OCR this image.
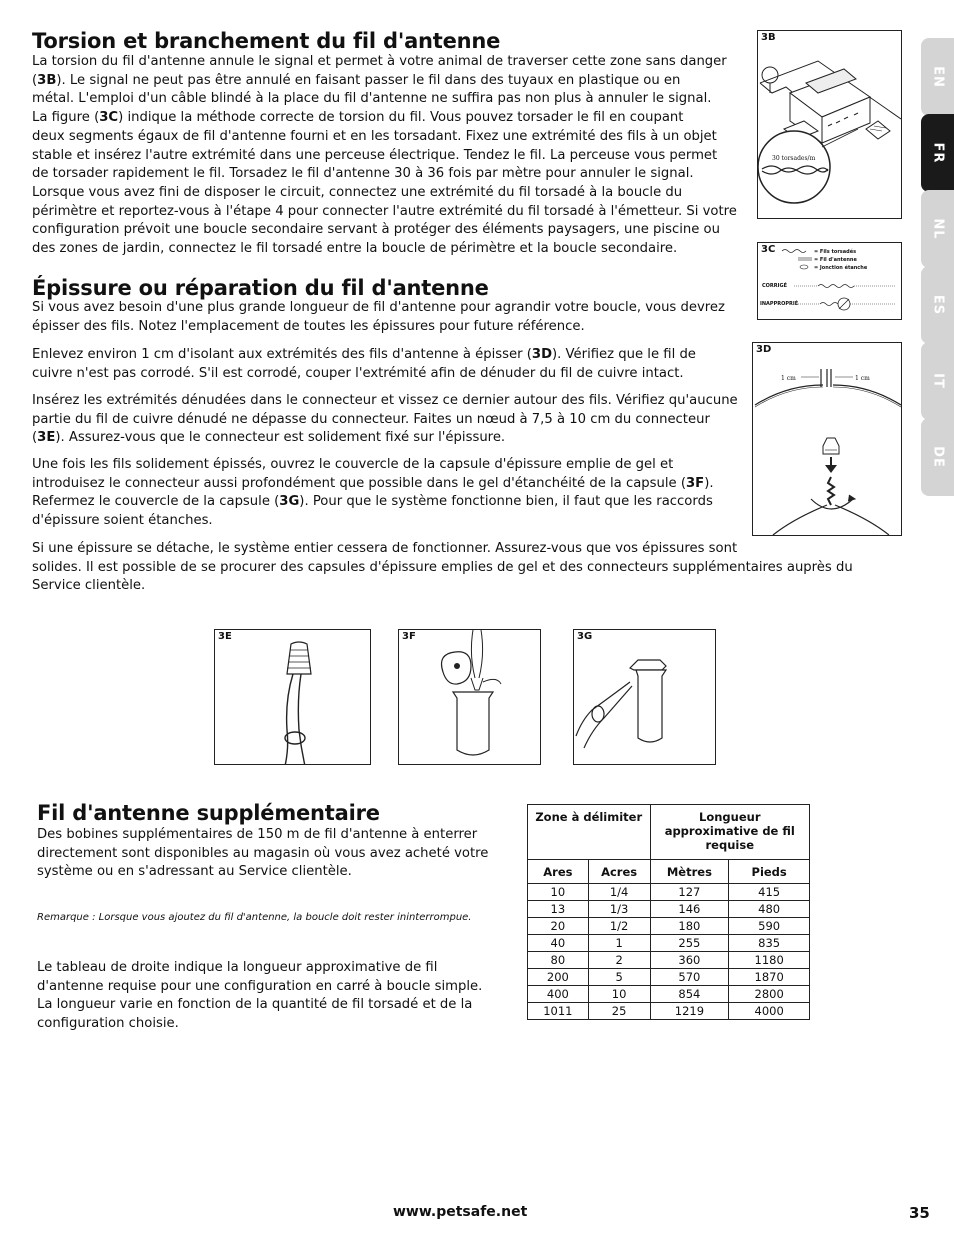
Torsion et branchement du fil d'antenne
La torsion du fil d'antenne annule le signal et permet à votre animal de traverser cette zone sans danger
(3B). Le signal ne peut pas être annulé en faisant passer le fil dans des tuyaux en plastique ou en
métal. L'emploi d'un câble blindé à la place du fil d'antenne ne suffira pas non plus à annuler le signal.
La figure (3C) indique la méthode correcte de torsion du fil. Vous pouvez torsader le fil en coupant
deux segments égaux de fil d'antenne fourni et en les torsadant. Fixez une extrémité des fils à un objet
stable et insérez l'autre extrémité dans une perceuse électrique. Tendez le fil. La perceuse vous permet
de torsader rapidement le fil. Torsadez le fil d'antenne 30 à 36 fois par mètre pour annuler le signal.
Lorsque vous avez fini de disposer le circuit, connectez une extrémité du fil torsadé à la boucle du
périmètre et reportez-vous à l'étape 4 pour connecter l'autre extrémité du fil torsadé à l'émetteur. Si votre
configuration prévoit une boucle secondaire servant à protéger des éléments paysagers, une piscine ou
des zones de jardin, connectez le fil torsadé entre la boucle de périmètre et la boucle secondaire.
Épissure ou réparation du fil d'antenne
Si vous avez besoin d'une plus grande longueur de fil d'antenne pour agrandir votre boucle, vous devrez
épisser des fils. Notez l'emplacement de toutes les épissures pour future référence.
Enlevez environ 1 cm d'isolant aux extrémités des fils d'antenne à épisser (3D). Vérifiez que le fil de
cuivre n'est pas corrodé. S'il est corrodé, couper l'extrémité afin de dénuder du fil de cuivre intact.
Insérez les extrémités dénudées dans le connecteur et vissez ce dernier autour des fils. Vérifiez qu'aucune
partie du fil de cuivre dénudé ne dépasse du connecteur. Faites un nœud à 7,5 à 10 cm du connecteur
(3E). Assurez-vous que le connecteur est solidement fixé sur l'épissure.
Une fois les fils solidement épissés, ouvrez le couvercle de la capsule d'épissure emplie de gel et
introduisez le connecteur aussi profondément que possible dans le gel d'étanchéité de la capsule (3F).
Refermez le couvercle de la capsule (3G). Pour que le système fonctionne bien, il faut que les raccords
d'épissure soient étanches.
Si une épissure se détache, le système entier cessera de fonctionner. Assurez-vous que vos épissures sont
solides. Il est possible de se procurer des capsules d'épissure emplies de gel et des connecteurs supplémentaires auprès du
Service clientèle.
3B
30 torsades/m
3C	= Fils torsadés
= Fil d'antenne
= Jonction étanche
CORRIGÉ
INAPPROPRIÉ
3D
1 cm	1 cm
3E	3F	3G
Fil d'antenne supplémentaire
Des bobines supplémentaires de 150 m de fil d'antenne à enterrer
directement sont disponibles au magasin où vous avez acheté votre
système ou en s'adressant au Service clientèle.
Remarque : Lorsque vous ajoutez du fil d'antenne, la boucle doit rester ininterrompue.
Le tableau de droite indique la longueur approximative de fil
d'antenne requise pour une configuration en carré à boucle simple.
La longueur varie en fonction de la quantité de fil torsadé et de la
configuration choisie.
Zone à délimiter		Longueur approximative de fil requise	
Ares	Acres	Mètres	Pieds
10	1/4	127	415
13	1/3	146	480
20	1/2	180	590
40	1	255	835
80	2	360	1180
200	5	570	1870
400	10	854	2800
1011	25	1219	4000
EN
FR
NL
ES
IT
DE
www.petsafe.net	35
